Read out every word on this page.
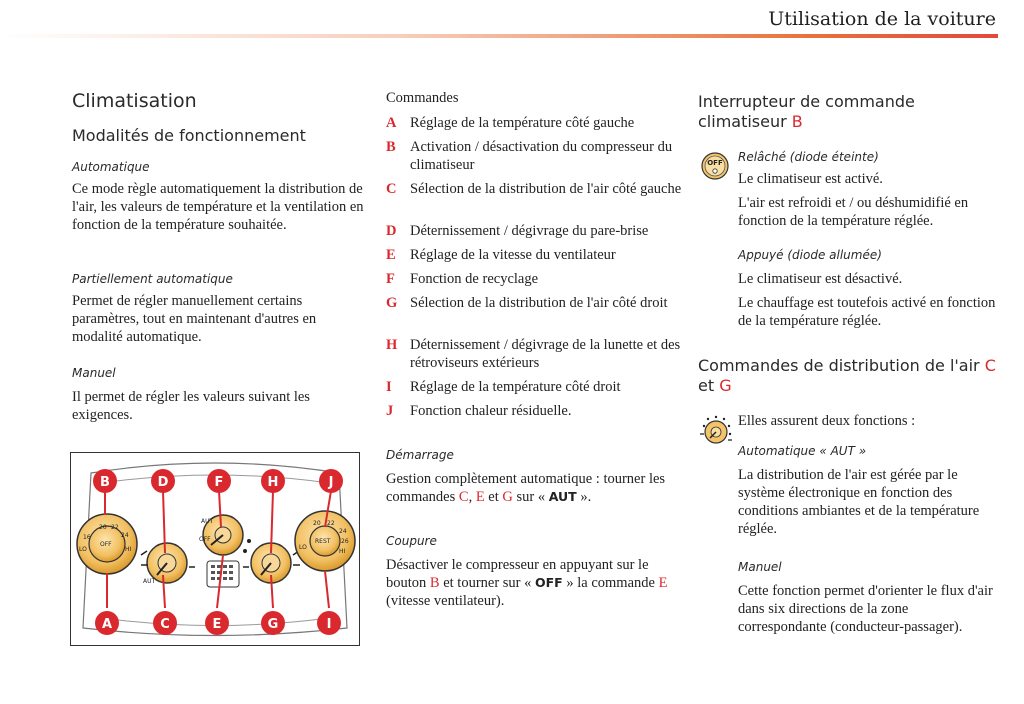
Utilisation de la voiture
Climatisation
Modalités de fonctionnement
Automatique

Ce mode règle automatiquement la distribution de l'air, les valeurs de température et la ventilation en fonction de la température souhaitée.

Partiellement automatique

Permet de régler manuellement certains paramètres, tout en maintenant d'autres en modalité automatique.

Manuel

Il permet de régler les valeurs suivant les exigences.

20 22
24
16
LO	HI
OFF
AUT
AUT
OFF	REST
20 22
24
26
LO
HI
B	D	F	H	J
A	C	E	G	I
Commandes
A Réglage de la température côté gauche
B Activation / désactivation du compresseur du climatiseur
C Sélection de la distribution de l'air côté gauche
D Déternissement / dégivrage du pare-brise
E Réglage de la vitesse du ventilateur
F Fonction de recyclage
G Sélection de la distribution de l'air côté droit
H Déternissement / dégivrage de la lunette et des rétroviseurs extérieurs
I Réglage de la température côté droit
J Fonction chaleur résiduelle.
Démarrage

Gestion complètement automatique : tourner les commandes C, E et G sur « AUT ».

Coupure

Désactiver le compresseur en appuyant sur le bouton B et tourner sur « OFF » la commande E (vitesse ventilateur).

Interrupteur de commande climatiseur B
Relâché (diode éteinte)

Le climatiseur est activé.

L'air est refroidi et / ou déshumidifié en fonction de la température réglée.

Appuyé (diode allumée)

Le climatiseur est désactivé.

Le chauffage est toutefois activé en fonction de la température réglée.

Commandes de distribution de l'air C et G

Elles assurent deux fonctions :

Automatique « AUT »

La distribution de l'air est gérée par le système électronique en fonction des conditions ambiantes et de la température réglée.

Manuel

Cette fonction permet d'orienter le flux d'air dans six directions de la zone correspondante (conducteur-passager).

OFF
